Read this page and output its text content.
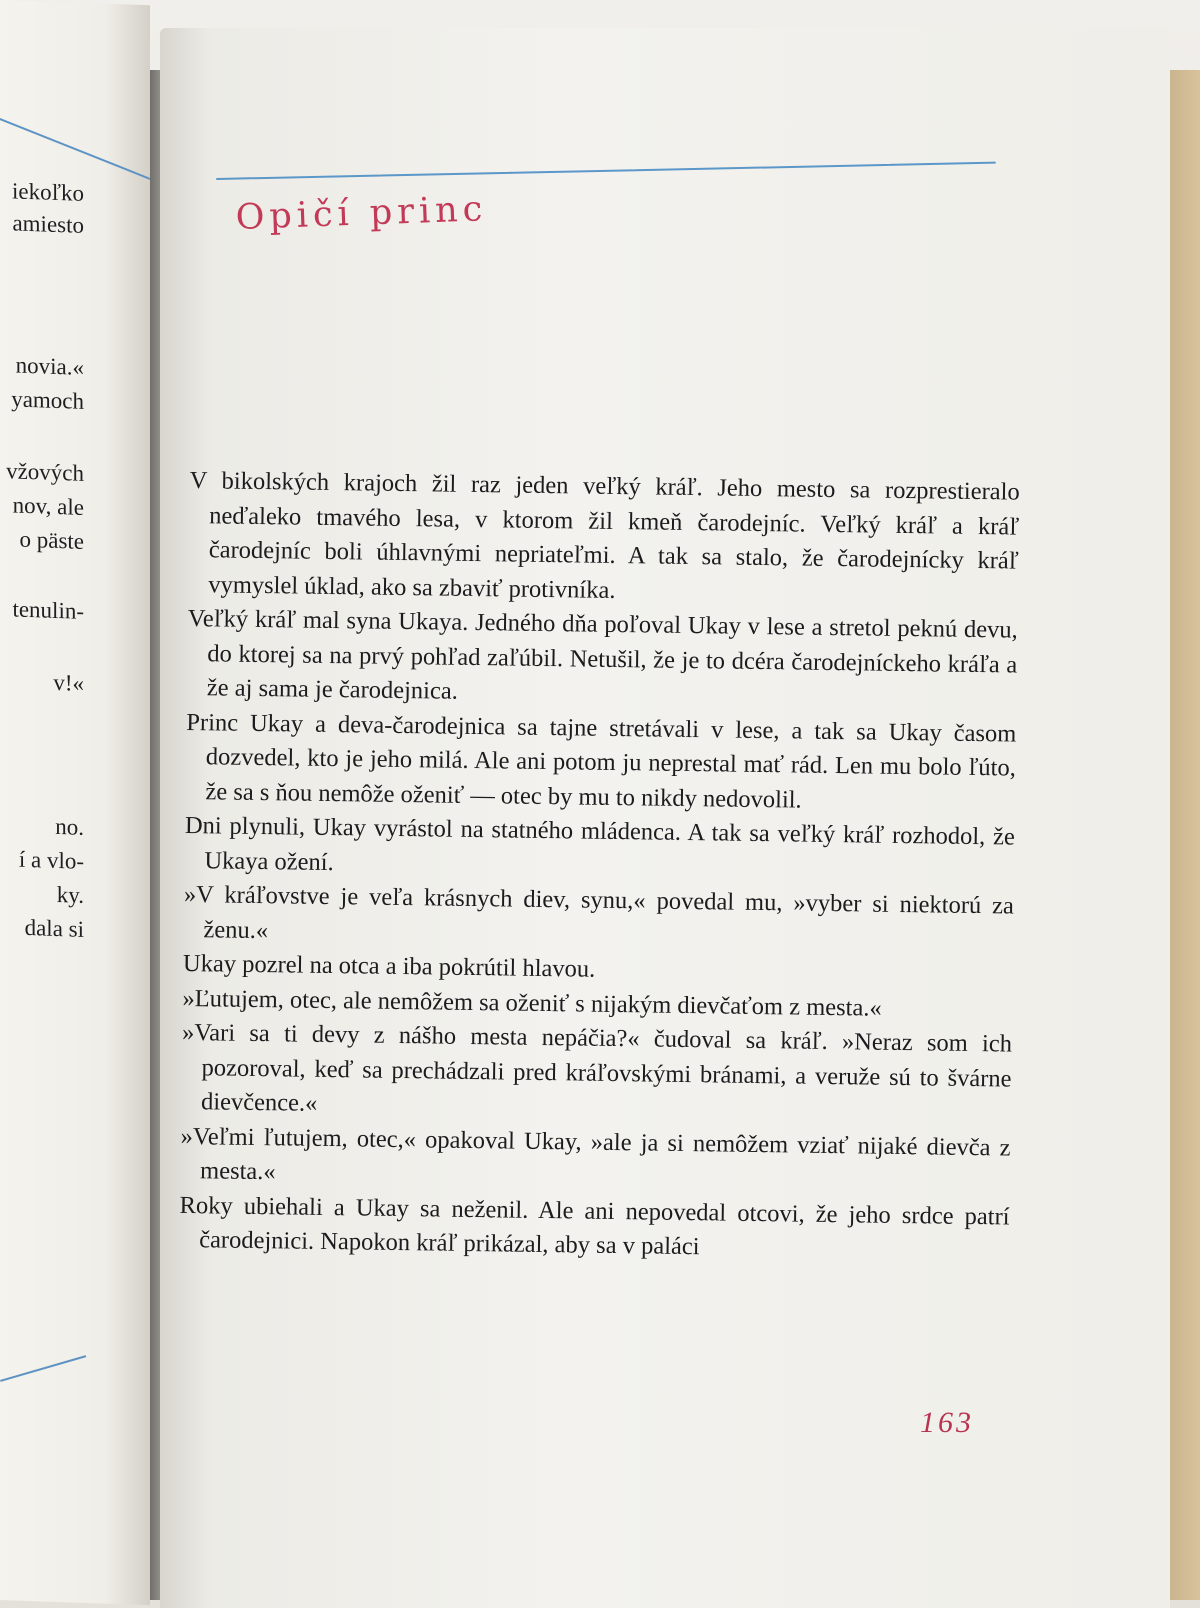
iekoľko
amiesto
novia.«
yamoch
vžových
nov, ale
o päste
tenulin-
v!«
no.
í a vlo-
ky.
dala si
Opičí princ

V bikolských krajoch žil raz jeden veľký kráľ. Jeho mesto sa rozprestieralo neďaleko tmavého lesa, v ktorom žil kmeň čarodejníc. Veľký kráľ a kráľ čarodejníc boli úhlavnými nepriateľmi. A tak sa stalo, že čarodejnícky kráľ vymyslel úklad, ako sa zbaviť protivníka.

Veľký kráľ mal syna Ukaya. Jedného dňa poľoval Ukay v lese a stretol peknú devu, do ktorej sa na prvý pohľad zaľúbil. Netušil, že je to dcéra čarodejníckeho kráľa a že aj sama je čarodejnica.

Princ Ukay a deva-čarodejnica sa tajne stretávali v lese, a tak sa Ukay časom dozvedel, kto je jeho milá. Ale ani potom ju neprestal mať rád. Len mu bolo ľúto, že sa s ňou nemôže oženiť — otec by mu to nikdy nedovolil.

Dni plynuli, Ukay vyrástol na statného mládenca. A tak sa veľký kráľ rozhodol, že Ukaya ožení.

»V kráľovstve je veľa krásnych diev, synu,« povedal mu, »vyber si niektorú za ženu.«

Ukay pozrel na otca a iba pokrútil hlavou.

»Ľutujem, otec, ale nemôžem sa oženiť s nijakým dievčaťom z mesta.«

»Vari sa ti devy z nášho mesta nepáčia?« čudoval sa kráľ. »Neraz som ich pozoroval, keď sa prechádzali pred kráľovskými bránami, a veruže sú to švárne dievčence.«

»Veľmi ľutujem, otec,« opakoval Ukay, »ale ja si nemôžem vziať nijaké dievča z mesta.«

Roky ubiehali a Ukay sa neženil. Ale ani nepovedal otcovi, že jeho srdce patrí čarodejnici. Napokon kráľ prikázal, aby sa v paláci

163
